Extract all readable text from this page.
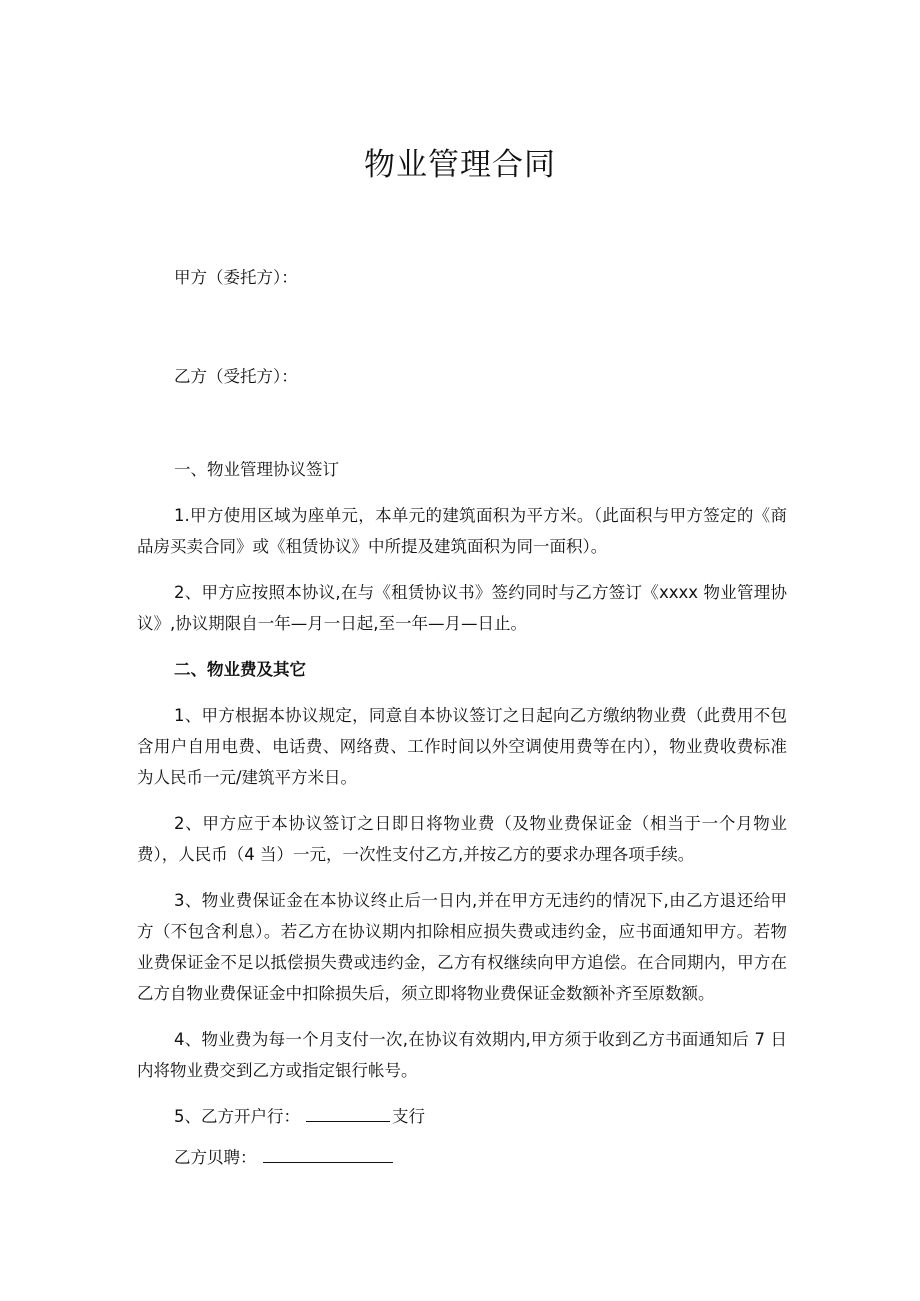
物业管理合同
甲方（委托方）：
乙方（受托方）：

一、物业管理协议签订

1.甲方使用区域为座单元，本单元的建筑面积为平方米。（此面积与甲方签定的《商品房买卖合同》或《租赁协议》中所提及建筑面积为同一面积）。

2、甲方应按照本协议,在与《租赁协议书》签约同时与乙方签订《xxxx 物业管理协议》,协议期限自一年—月一日起,至一年—月—日止。

二、物业费及其它

1、甲方根据本协议规定，同意自本协议签订之日起向乙方缴纳物业费（此费用不包含用户自用电费、电话费、网络费、工作时间以外空调使用费等在内），物业费收费标准为人民币一元/建筑平方米日。

2、甲方应于本协议签订之日即日将物业费（及物业费保证金（相当于一个月物业费），人民币（4 当）一元，一次性支付乙方,并按乙方的要求办理各项手续。

3、物业费保证金在本协议终止后一日内,并在甲方无违约的情况下,由乙方退还给甲方（不包含利息）。若乙方在协议期内扣除相应损失费或违约金，应书面通知甲方。若物业费保证金不足以抵偿损失费或违约金，乙方有权继续向甲方追偿。在合同期内，甲方在乙方自物业费保证金中扣除损失后，须立即将物业费保证金数额补齐至原数额。

4、物业费为每一个月支付一次,在协议有效期内,甲方须于收到乙方书面通知后 7 日内将物业费交到乙方或指定银行帐号。

5、乙方开户行：	支行

乙方贝聘：
